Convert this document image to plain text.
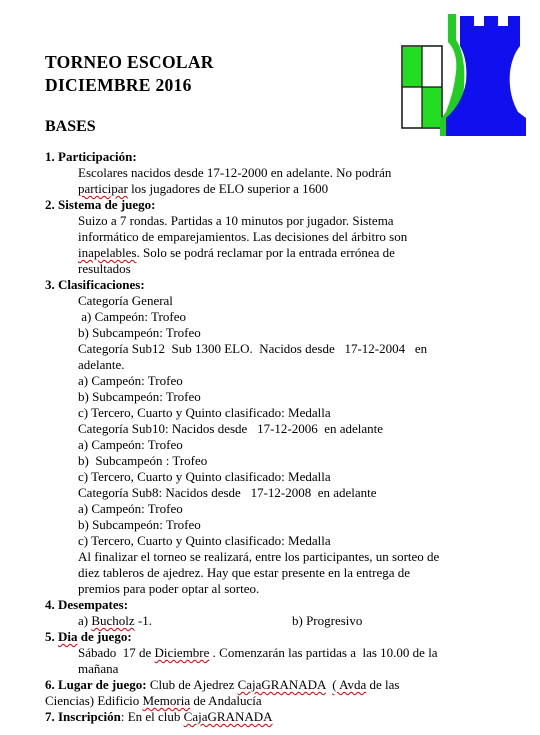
TORNEO ESCOLAR
DICIEMBRE 2016
BASES
1. Participación:
Escolares nacidos desde 17-12-2000 en adelante. No podrán
participar los jugadores de ELO superior a 1600
2. Sistema de juego:
Suizo a 7 rondas. Partidas a 10 minutos por jugador. Sistema
informático de emparejamientos. Las decisiones del árbitro son
inapelables. Solo se podrá reclamar por la entrada errónea de
resultados
3. Clasificaciones:
Categoría General
a) Campeón: Trofeo
b) Subcampeón: Trofeo
Categoría Sub12  Sub 1300 ELO.  Nacidos desde   17-12-2004   en
adelante.
a) Campeón: Trofeo
b) Subcampeón: Trofeo
c) Tercero, Cuarto y Quinto clasificado: Medalla
Categoría Sub10: Nacidos desde   17-12-2006  en adelante
a) Campeón: Trofeo
b)  Subcampeón : Trofeo
c) Tercero, Cuarto y Quinto clasificado: Medalla
Categoría Sub8: Nacidos desde   17-12-2008  en adelante
a) Campeón: Trofeo
b) Subcampeón: Trofeo
c) Tercero, Cuarto y Quinto clasificado: Medalla
Al finalizar el torneo se realizará, entre los participantes, un sorteo de
diez tableros de ajedrez. Hay que estar presente en la entrega de
premios para poder optar al sorteo.
4. Desempates:
a) Bucholz -1.	b) Progresivo
5. Dia de juego:
Sábado  17 de Diciembre . Comenzarán las partidas a  las 10.00 de la
mañana
6. Lugar de juego: Club de Ajedrez CajaGRANADA ( Avda de las
Ciencias) Edificio Memoria de Andalucía
7. Inscripción: En el club CajaGRANADA
